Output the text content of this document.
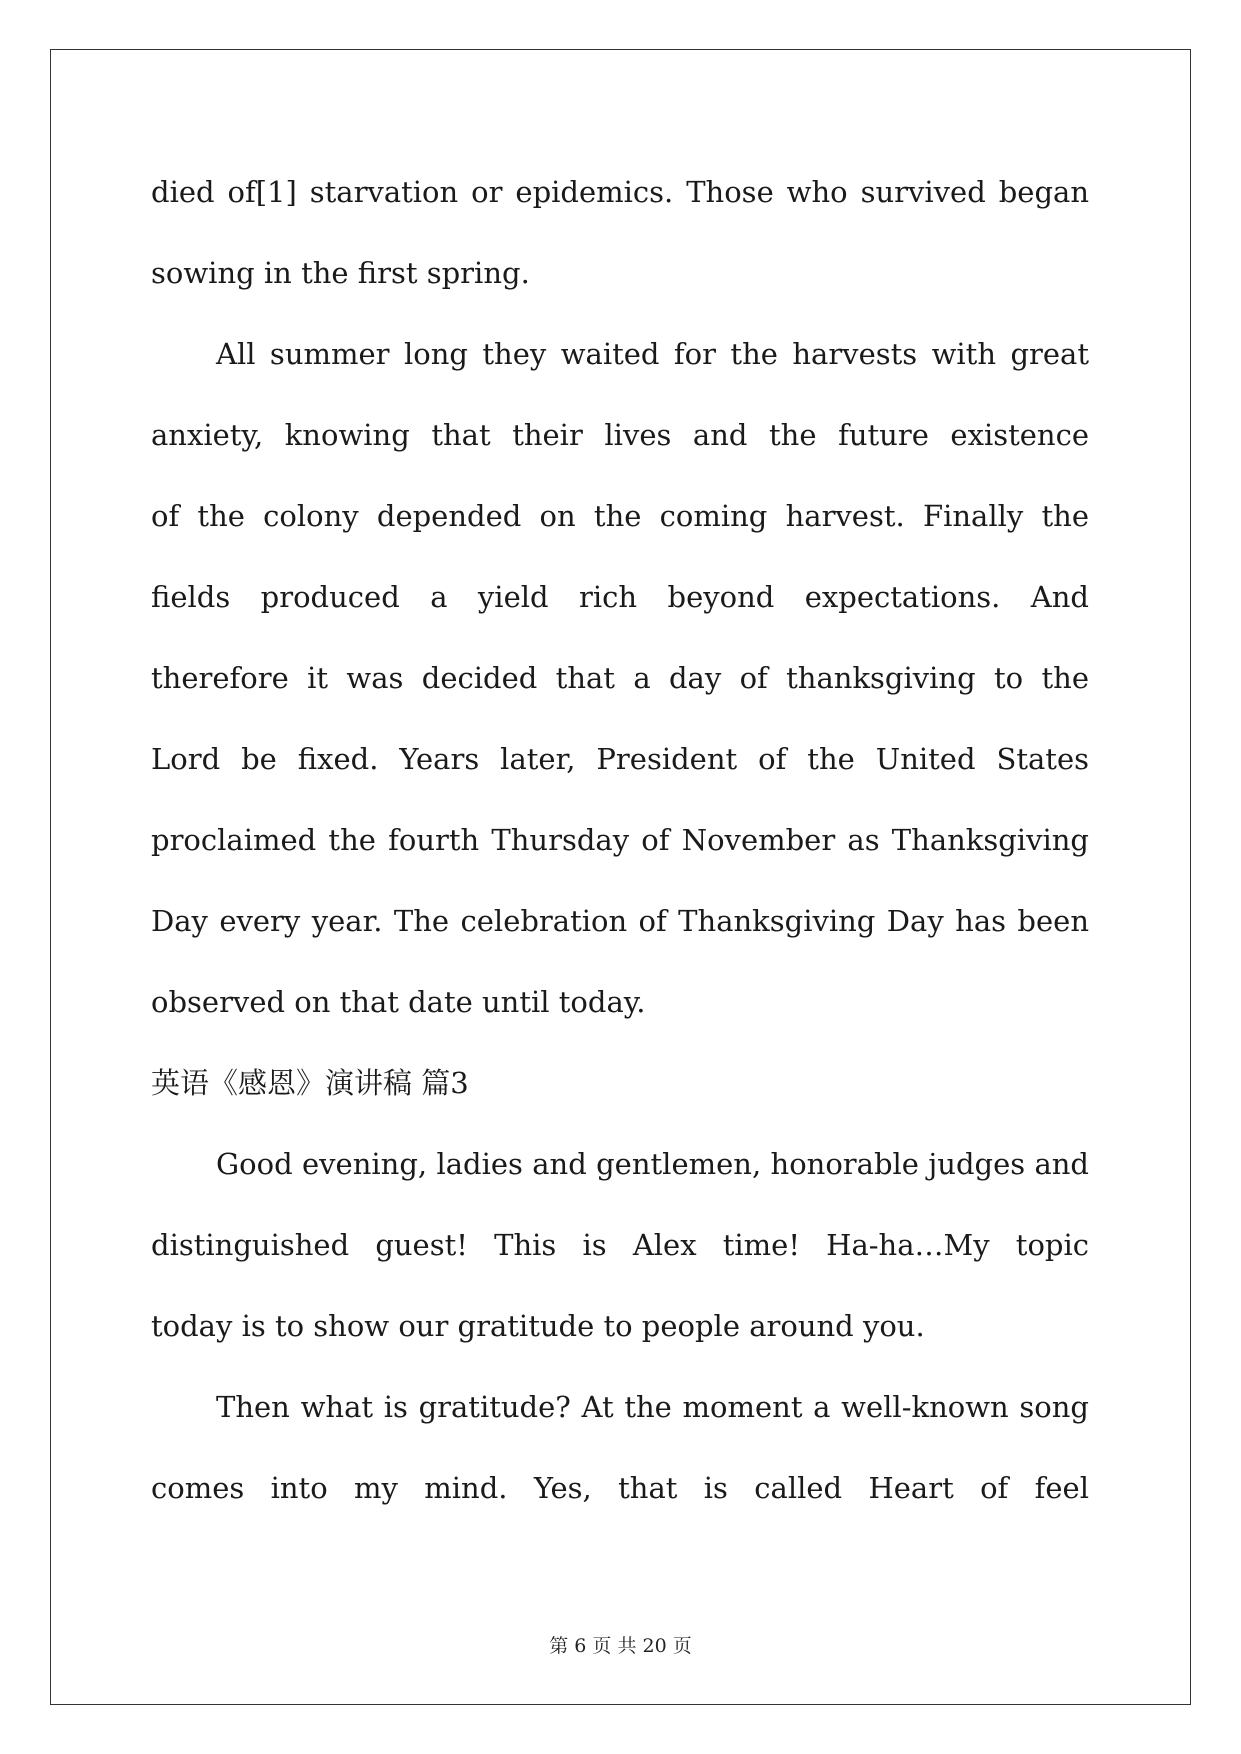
died of[1] starvation or epidemics. Those who survived began
sowing in the first spring.
All summer long they waited for the harvests with great
anxiety, knowing that their lives and the future existence
of the colony depended on the coming harvest. Finally the
fields produced a yield rich beyond expectations. And
therefore it was decided that a day of thanksgiving to the
Lord be fixed. Years later, President of the United States
proclaimed the fourth Thursday of November as Thanksgiving
Day every year. The celebration of Thanksgiving Day has been
observed on that date until today.
英语《感恩》演讲稿 篇3
Good evening, ladies and gentlemen, honorable judges and
distinguished guest! This is Alex time! Ha-ha…My topic
today is to show our gratitude to people around you.
Then what is gratitude? At the moment a well-known song
comes into my mind. Yes, that is called Heart of feel
第 6 页 共 20 页
